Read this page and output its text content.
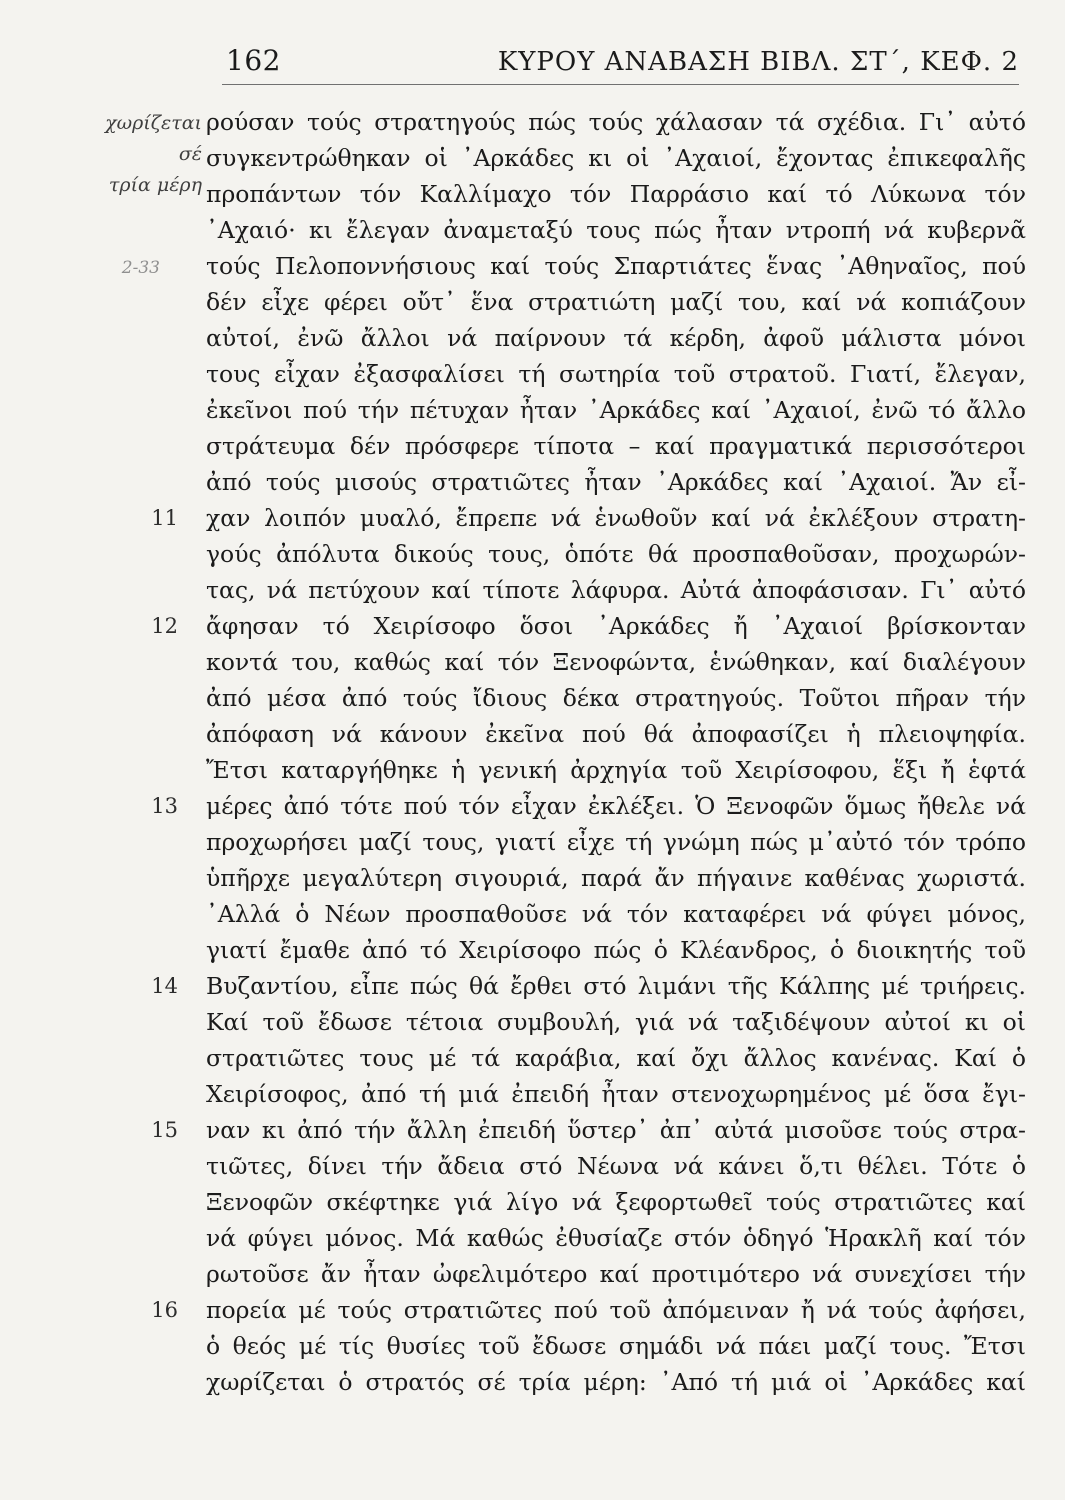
162	ΚΥΡΟΥ ΑΝΑΒΑΣΗ ΒΙΒΛ. ΣΤ΄, ΚΕΦ. 2
χωρίζεται σέ
τρία μέρη
2-33
11
12
13
14
15
16
ρούσαν τούς στρατηγούς πώς τούς χάλασαν τά σχέδια. Γι᾽ αὐτό
συγκεντρώθηκαν οἱ ᾽Αρκάδες κι οἱ ᾽Αχαιοί, ἔχοντας ἐπικεφαλῆς
προπάντων τόν Καλλίμαχο τόν Παρράσιο καί τό Λύκωνα τόν
᾽Αχαιό· κι ἔλεγαν ἀναμεταξύ τους πώς ἦταν ντροπή νά κυβερνᾶ
τούς Πελοποννήσιους καί τούς Σπαρτιάτες ἕνας ᾽Αθηναῖος, πού
δέν εἶχε φέρει οὔτ᾽ ἕνα στρατιώτη μαζί του, καί νά κοπιάζουν
αὐτοί, ἐνῶ ἄλλοι νά παίρνουν τά κέρδη, ἀφοῦ μάλιστα μόνοι
τους εἶχαν ἐξασφαλίσει τή σωτηρία τοῦ στρατοῦ. Γιατί, ἔλεγαν,
ἐκεῖνοι πού τήν πέτυχαν ἦταν ᾽Αρκάδες καί ᾽Αχαιοί, ἐνῶ τό ἄλλο
στράτευμα δέν πρόσφερε τίποτα – καί πραγματικά περισσότεροι
ἀπό τούς μισούς στρατιῶτες ἦταν ᾽Αρκάδες καί ᾽Αχαιοί. Ἄν εἶ-
χαν λοιπόν μυαλό, ἔπρεπε νά ἑνωθοῦν καί νά ἐκλέξουν στρατη-
γούς ἀπόλυτα δικούς τους, ὁπότε θά προσπαθοῦσαν, προχωρών-
τας, νά πετύχουν καί τίποτε λάφυρα. Αὐτά ἀποφάσισαν. Γι᾽ αὐτό
ἄφησαν τό Χειρίσοφο ὅσοι ᾽Αρκάδες ἤ ᾽Αχαιοί βρίσκονταν
κοντά του, καθώς καί τόν Ξενοφώντα, ἑνώθηκαν, καί διαλέγουν
ἀπό μέσα ἀπό τούς ἴδιους δέκα στρατηγούς. Τοῦτοι πῆραν τήν
ἀπόφαση νά κάνουν ἐκεῖνα πού θά ἀποφασίζει ἡ πλειοψηφία.
Ἔτσι καταργήθηκε ἡ γενική ἀρχηγία τοῦ Χειρίσοφου, ἕξι ἤ ἑφτά
μέρες ἀπό τότε πού τόν εἶχαν ἐκλέξει. Ὁ Ξενοφῶν ὅμως ἤθελε νά
προχωρήσει μαζί τους, γιατί εἶχε τή γνώμη πώς μ᾽αὐτό τόν τρόπο
ὑπῆρχε μεγαλύτερη σιγουριά, παρά ἄν πήγαινε καθένας χωριστά.
᾽Αλλά ὁ Νέων προσπαθοῦσε νά τόν καταφέρει νά φύγει μόνος,
γιατί ἔμαθε ἀπό τό Χειρίσοφο πώς ὁ Κλέανδρος, ὁ διοικητής τοῦ
Βυζαντίου, εἶπε πώς θά ἔρθει στό λιμάνι τῆς Κάλπης μέ τριήρεις.
Καί τοῦ ἔδωσε τέτοια συμβουλή, γιά νά ταξιδέψουν αὐτοί κι οἱ
στρατιῶτες τους μέ τά καράβια, καί ὄχι ἄλλος κανένας. Καί ὁ
Χειρίσοφος, ἀπό τή μιά ἐπειδή ἦταν στενοχωρημένος μέ ὅσα ἔγι-
ναν κι ἀπό τήν ἄλλη ἐπειδή ὕστερ᾽ ἀπ᾽ αὐτά μισοῦσε τούς στρα-
τιῶτες, δίνει τήν ἄδεια στό Νέωνα νά κάνει ὅ,τι θέλει. Τότε ὁ
Ξενοφῶν σκέφτηκε γιά λίγο νά ξεφορτωθεῖ τούς στρατιῶτες καί
νά φύγει μόνος. Μά καθώς ἐθυσίαζε στόν ὁδηγό Ἡρακλῆ καί τόν
ρωτοῦσε ἄν ἦταν ὠφελιμότερο καί προτιμότερο νά συνεχίσει τήν
πορεία μέ τούς στρατιῶτες πού τοῦ ἀπόμειναν ἤ νά τούς ἀφήσει,
ὁ θεός μέ τίς θυσίες τοῦ ἔδωσε σημάδι νά πάει μαζί τους. Ἔτσι
χωρίζεται ὁ στρατός σέ τρία μέρη: ᾽Από τή μιά οἱ ᾽Αρκάδες καί
